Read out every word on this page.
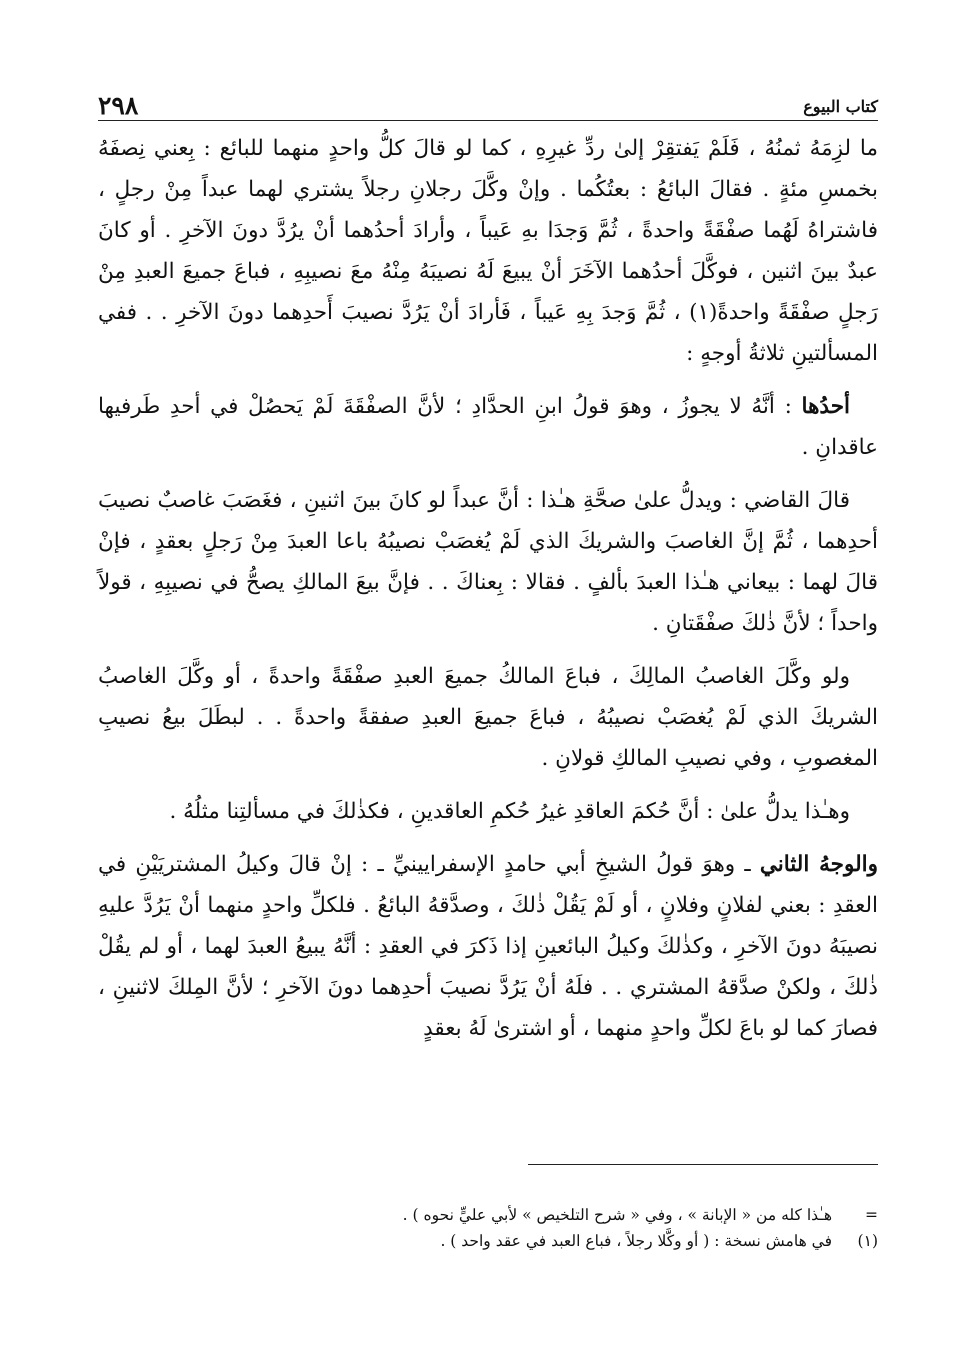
كتاب البيوع
٢٩٨

ما لزِمَهُ ثمنُهُ ، فَلَمْ يَفتقِرْ إلىٰ ردِّ غيرِهِ ، كما لو قالَ كلُّ واحدٍ منهما للبائع : بِعني نِصفَهُ بخمسِ مئةٍ . فقالَ البائعُ : بعتُكُما . وإنْ وكَّلَ رجلانِ رجلاً يشتري لهما عبداً مِنْ رجلٍ ، فاشتراهُ لَهُما صفْقَةً واحدةً ، ثُمَّ وَجدَا بهِ عَيباً ، وأرادَ أحدُهما أنْ يرُدَّ دونَ الآخرِ . أو كانَ عبدٌ بينَ اثنين ، فوكَّلَ أحدُهما الآخَرَ أنْ يبيعَ لَهُ نصيبَهُ مِنْهُ معَ نصيبِهِ ، فباعَ جميعَ العبدِ مِنْ رَجلٍ صفْقَةً واحدةً(١) ، ثُمَّ وَجدَ بِهِ عَيباً ، فَأرادَ أنْ يَرُدَّ نصيبَ أَحدِهما دونَ الآخرِ . . ففي المسألتينِ ثلاثةُ أوجهٍ :

أحدُها : أنَّهُ لا يجوزُ ، وهوَ قولُ ابنِ الحدَّادِ ؛ لأنَّ الصفْقَةَ لَمْ يَحصُلْ في أحدِ طَرفيها عاقدانِ .

قالَ القاضي : ويدلُّ علىٰ صحَّةِ هـٰذا : أنَّ عبداً لو كانَ بينَ اثنينِ ، فغَصَبَ غاصبٌ نصيبَ أحدِهما ، ثُمَّ إنَّ الغاصبَ والشريكَ الذي لَمْ يُغصَبْ نصيبُهُ باعا العبدَ مِنْ رَجلٍ بعقدٍ ، فإنْ قالَ لهما : بيعاني هـٰذا العبدَ بألفٍ . فقالا : بِعناكَ . . فإنَّ بيعَ المالكِ يصحُّ في نصيبِهِ ، قولاً واحداً ؛ لأنَّ ذٰلكَ صفْقَتانِ .

ولو وكَّلَ الغاصبُ المالِكَ ، فباعَ المالكُ جميعَ العبدِ صفْقَةً واحدةً ، أو وكَّلَ الغاصبُ الشريكَ الذي لَمْ يُغصَبْ نصيبُهُ ، فباعَ جميعَ العبدِ صفقةً واحدةً . . لبطَلَ بيعُ نصيبِ المغصوبِ ، وفي نصيبِ المالكِ قولانِ .

وهـٰذا يدلُّ علىٰ : أنَّ حُكمَ العاقدِ غيرُ حُكمِ العاقدينِ ، فكذٰلكَ في مسألتِنا مثلُهُ .

والوجهُ الثاني ـ وهوَ قولُ الشيخِ أبي حامدٍ الإسفرايينيِّ ـ : إنْ قالَ وكيلُ المشتريَيْنِ في العقدِ : بعني لفلانٍ وفلانٍ ، أو لَمْ يَقُلْ ذٰلكَ ، وصدَّقهُ البائعُ . فلكلِّ واحدٍ منهما أنْ يَرُدَّ عليهِ نصيبَهُ دونَ الآخرِ ، وكذٰلكَ وكيلُ البائعينِ إذا ذَكرَ في العقدِ : أنَّهُ يبيعُ العبدَ لهما ، أو لم يقُلْ ذٰلكَ ، ولكنْ صدَّقهُ المشتري . . فلَهُ أنْ يَرُدَّ نصيبَ أحدِهما دونَ الآخرِ ؛ لأنَّ المِلكَ لاثنينِ ، فصارَ كما لو باعَ لكلِّ واحدٍ منهما ، أو اشترىٰ لَهُ بعقدٍ

=
هـٰذا كله من « الإبانة » ، وفي « شرح التلخيص » لأبي عليٍّ نحوه ) .
(١)
في هامش نسخة : ( أو وكَّلا رجلاً ، فباع العبد في عقد واحد ) .
